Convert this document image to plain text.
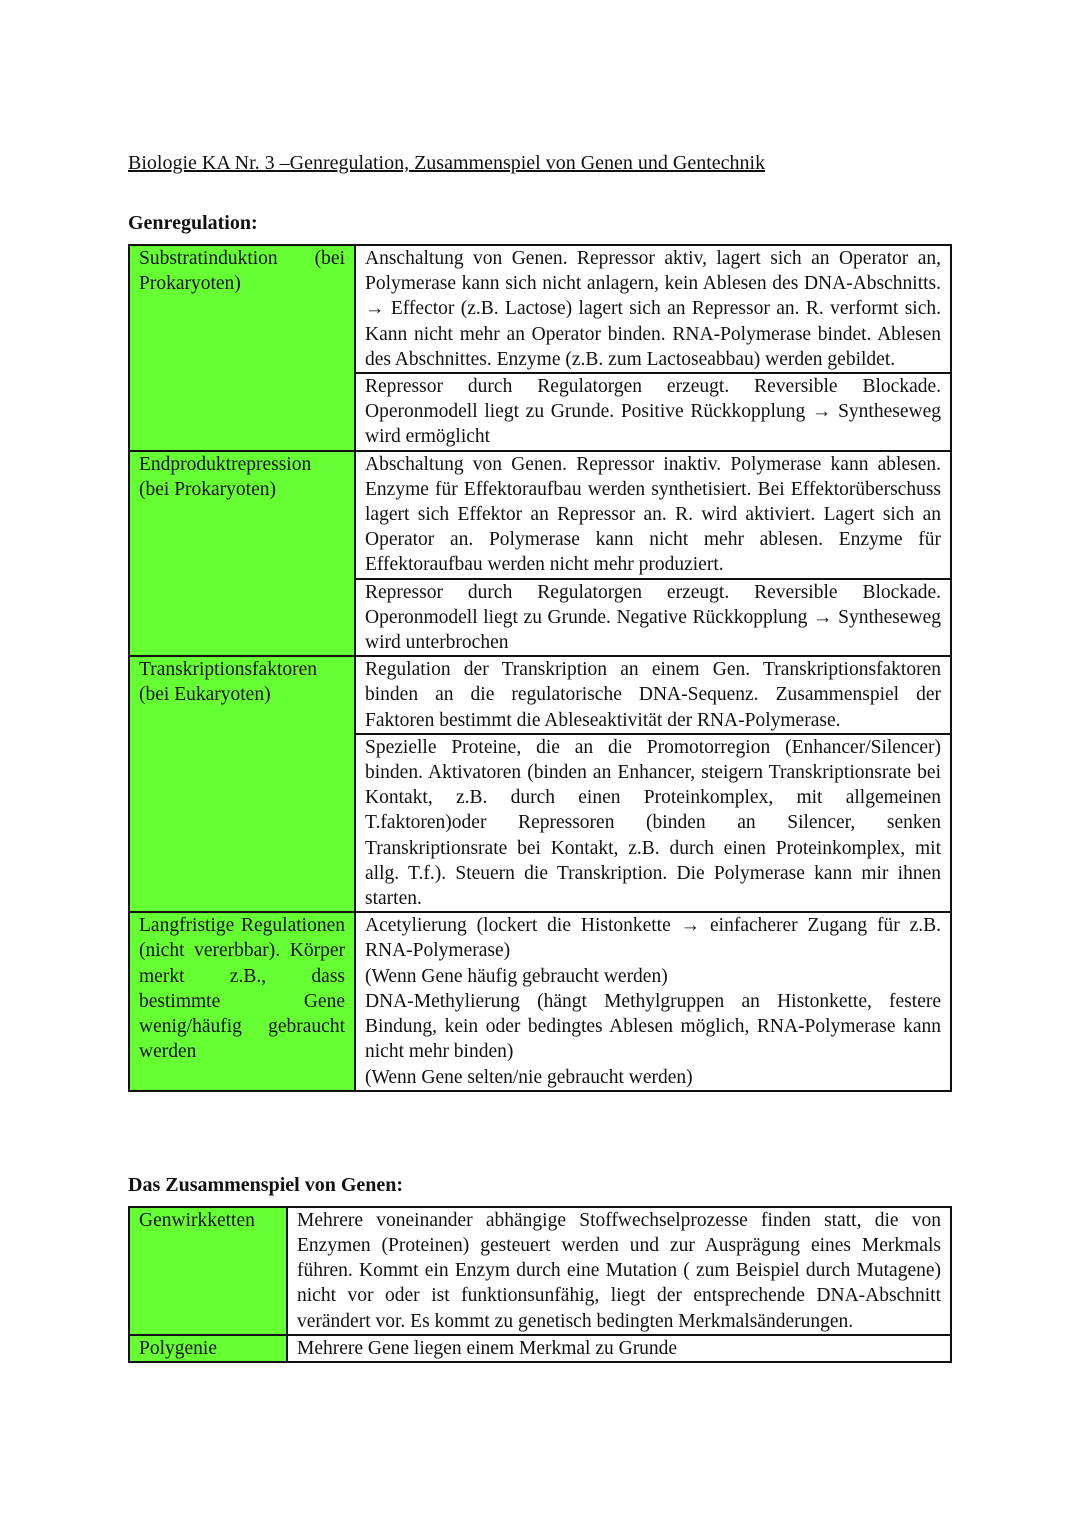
Biologie KA Nr. 3 –Genregulation, Zusammenspiel von Genen und Gentechnik

Genregulation:

Substratinduktion (bei Prokaryoten)	Anschaltung von Genen. Repressor aktiv, lagert sich an Operator an, Polymerase kann sich nicht anlagern, kein Ablesen des DNA-Abschnitts. → Effector (z.B. Lactose) lagert sich an Repressor an. R. verformt sich. Kann nicht mehr an Operator binden. RNA-Polymerase bindet. Ablesen des Abschnittes. Enzyme (z.B. zum Lactoseabbau) werden gebildet.
	Repressor durch Regulatorgen erzeugt. Reversible Blockade. Operonmodell liegt zu Grunde. Positive Rückkopplung → Syntheseweg wird ermöglicht
Endproduktrepression (bei Prokaryoten)	Abschaltung von Genen. Repressor inaktiv. Polymerase kann ablesen. Enzyme für Effektoraufbau werden synthetisiert. Bei Effektorüberschuss lagert sich Effektor an Repressor an. R. wird aktiviert. Lagert sich an Operator an. Polymerase kann nicht mehr ablesen. Enzyme für Effektoraufbau werden nicht mehr produziert.
	Repressor durch Regulatorgen erzeugt. Reversible Blockade. Operonmodell liegt zu Grunde. Negative Rückkopplung → Syntheseweg wird unterbrochen
Transkriptionsfaktoren (bei Eukaryoten)	Regulation der Transkription an einem Gen. Transkriptionsfaktoren binden an die regulatorische DNA-Sequenz. Zusammenspiel der Faktoren bestimmt die Ableseaktivität der RNA-Polymerase.
	Spezielle Proteine, die an die Promotorregion (Enhancer/Silencer) binden. Aktivatoren (binden an Enhancer, steigern Transkriptionsrate bei Kontakt, z.B. durch einen Proteinkomplex, mit allgemeinen T.faktoren)oder Repressoren (binden an Silencer, senken Transkriptionsrate bei Kontakt, z.B. durch einen Proteinkomplex, mit allg. T.f.). Steuern die Transkription. Die Polymerase kann mir ihnen starten.
Langfristige Regulationen (nicht vererbbar). Körper merkt z.B., dass bestimmte Gene wenig/häufig gebraucht werden	Acetylierung (lockert die Histonkette → einfacherer Zugang für z.B. RNA-Polymerase)
(Wenn Gene häufig gebraucht werden)
DNA-Methylierung (hängt Methylgruppen an Histonkette, festere Bindung, kein oder bedingtes Ablesen möglich, RNA-Polymerase kann nicht mehr binden)
(Wenn Gene selten/nie gebraucht werden)

Das Zusammenspiel von Genen:

Genwirkketten	Mehrere voneinander abhängige Stoffwechselprozesse finden statt, die von Enzymen (Proteinen) gesteuert werden und zur Ausprägung eines Merkmals führen. Kommt ein Enzym durch eine Mutation ( zum Beispiel durch Mutagene) nicht vor oder ist funktionsunfähig, liegt der entsprechende DNA-Abschnitt verändert vor. Es kommt zu genetisch bedingten Merkmalsänderungen.
Polygenie	Mehrere Gene liegen einem Merkmal zu Grunde
